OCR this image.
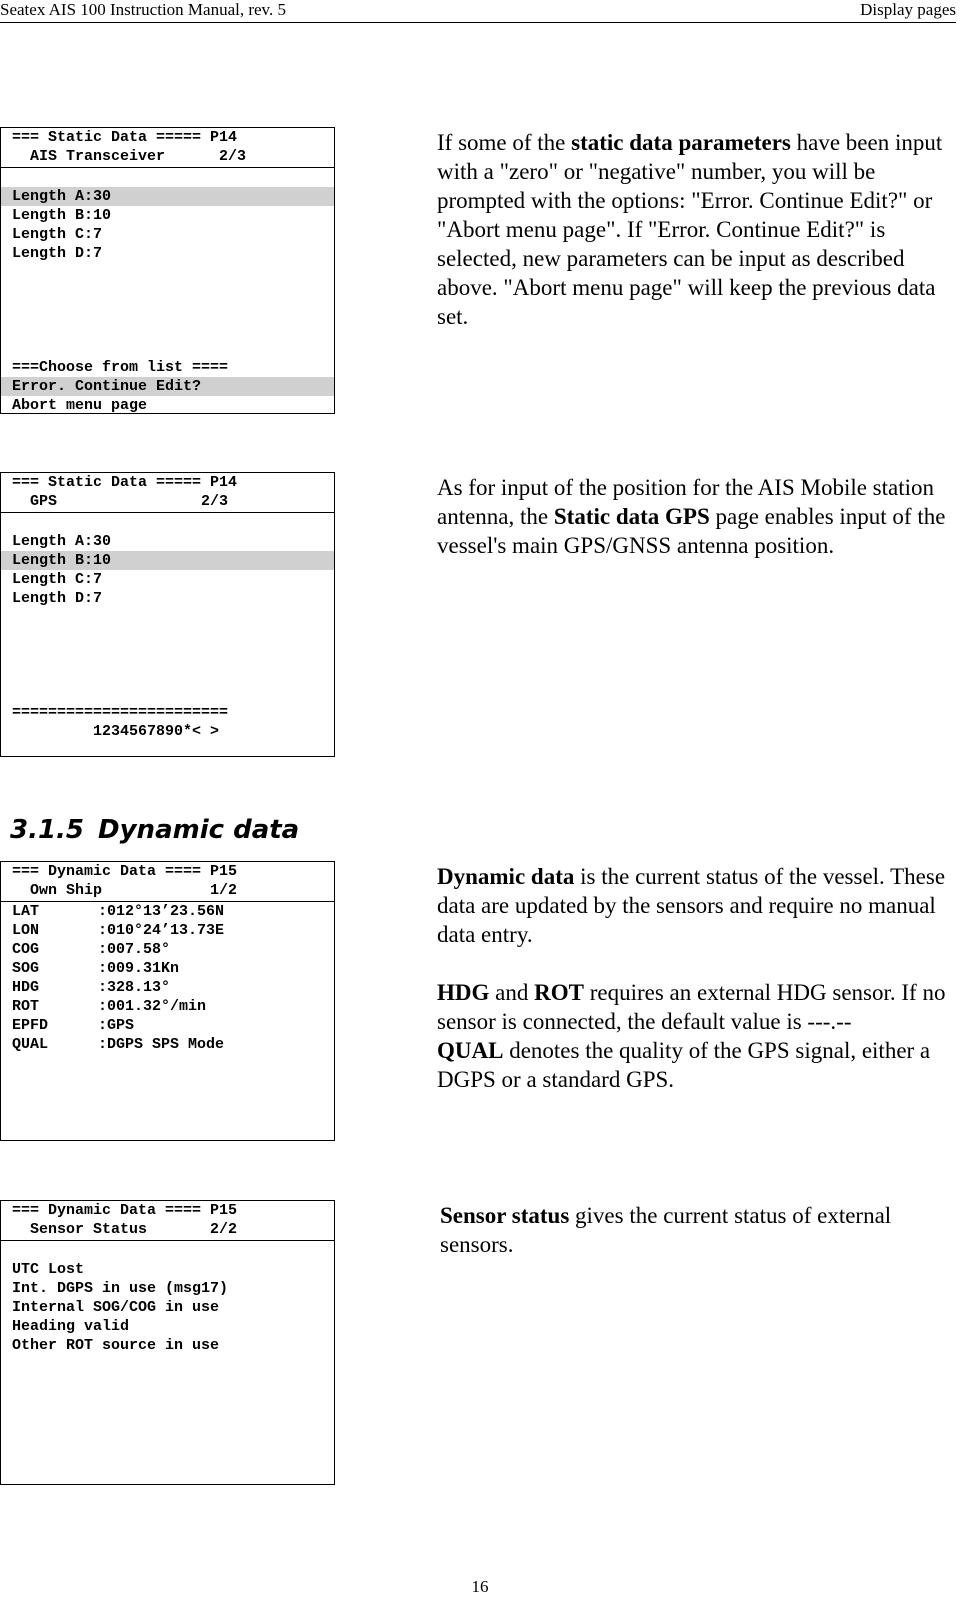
Seatex AIS 100 Instruction Manual, rev. 5	Display pages
=== Static Data ===== P14
AIS Transceiver      2/3
Length A:30
Length B:10
Length C:7
Length D:7
===Choose from list ====
Error. Continue Edit?
Abort menu page

If some of the static data parameters have been input with a "zero" or "negative" number, you will be prompted with the options: "Error. Continue Edit?" or "Abort menu page". If "Error. Continue Edit?" is selected, new parameters can be input as described above. "Abort menu page" will keep the previous data set.

=== Static Data ===== P14
GPS                2/3
Length A:30
Length B:10
Length C:7
Length D:7
========================
1234567890*< >

As for input of the position for the AIS Mobile station antenna, the Static data GPS page enables input of the vessel's main GPS/GNSS antenna position.

3.1.5 Dynamic data
=== Dynamic Data ==== P15
Own Ship            1/2
LAT	:012°13’23.56N
LON	:010°24’13.73E
COG	:007.58°
SOG	:009.31Kn
HDG	:328.13°
ROT	:001.32°/min
EPFD	:GPS
QUAL	:DGPS SPS Mode

Dynamic data is the current status of the vessel. These data are updated by the sensors and require no manual data entry.

HDG and ROT requires an external HDG sensor. If no sensor is connected, the default value is ---.--

QUAL denotes the quality of the GPS signal, either a DGPS or a standard GPS.

=== Dynamic Data ==== P15
Sensor Status       2/2
UTC Lost
Int. DGPS in use (msg17)
Internal SOG/COG in use
Heading valid
Other ROT source in use

Sensor status gives the current status of external sensors.

16
